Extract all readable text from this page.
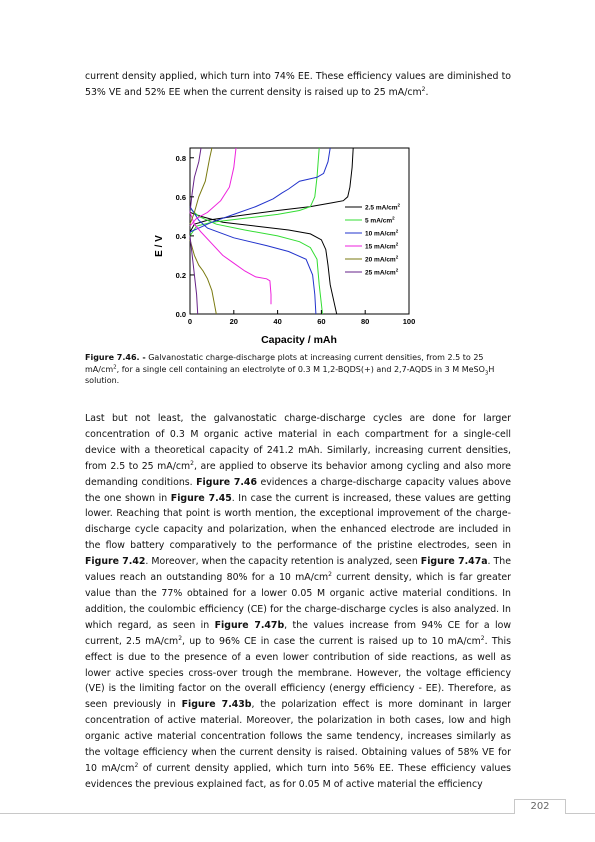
current density applied, which turn into 74% EE. These efficiency values are diminished to 53% VE and 52% EE when the current density is raised up to 25 $mA/cm^2$.

0	20	40	60	80	100
0.0
0.2
0.4
0.6
0.8
E / V
Capacity / mAh
2.5 $mA/cm^2$
5 $mA/cm^2$
10 $mA/cm^2$
15 $mA/cm^2$
20 $mA/cm^2$
25 $mA/cm^2$

Figure 7.46. - Galvanostatic charge-discharge plots at increasing current densities, from 2.5 to 25 $mA/cm^2$, for a single cell containing an electrolyte of 0.3 M 1,2-BQDS(+) and 2,7-AQDS in 3 M MeSO$_3$H solution.

Last but not least, the galvanostatic charge-discharge cycles are done for larger concentration of 0.3 M organic active material in each compartment for a single-cell device with a theoretical capacity of 241.2 mAh. Similarly, increasing current densities, from 2.5 to 25 $mA/cm^2$, are applied to observe its behavior among cycling and also more demanding conditions. Figure 7.46 evidences a charge-discharge capacity values above the one shown in Figure 7.45. In case the current is increased, these values are getting lower. Reaching that point is worth mention, the exceptional improvement of the charge-discharge cycle capacity and polarization, when the enhanced electrode are included in the flow battery comparatively to the performance of the pristine electrodes, seen in Figure 7.42. Moreover, when the capacity retention is analyzed, seen Figure 7.47a. The values reach an outstanding 80% for a 10 $mA/cm^2$ current density, which is far greater value than the 77% obtained for a lower 0.05 M organic active material conditions. In addition, the coulombic efficiency (CE) for the charge-discharge cycles is also analyzed. In which regard, as seen in Figure 7.47b, the values increase from 94% CE for a low current, 2.5 $mA/cm^2$, up to 96% CE in case the current is raised up to 10 $mA/cm^2$. This effect is due to the presence of a even lower contribution of side reactions, as well as lower active species cross-over trough the membrane. However, the voltage efficiency (VE) is the limiting factor on the overall efficiency (energy efficiency - EE). Therefore, as seen previously in Figure 7.43b, the polarization effect is more dominant in larger concentration of active material. Moreover, the polarization in both cases, low and high organic active material concentration follows the same tendency, increases similarly as the voltage efficiency when the current density is raised. Obtaining values of 58% VE for 10 $mA/cm^2$ of current density applied, which turn into 56% EE. These efficiency values evidences the previous explained fact, as for 0.05 M of active material the efficiency

202
